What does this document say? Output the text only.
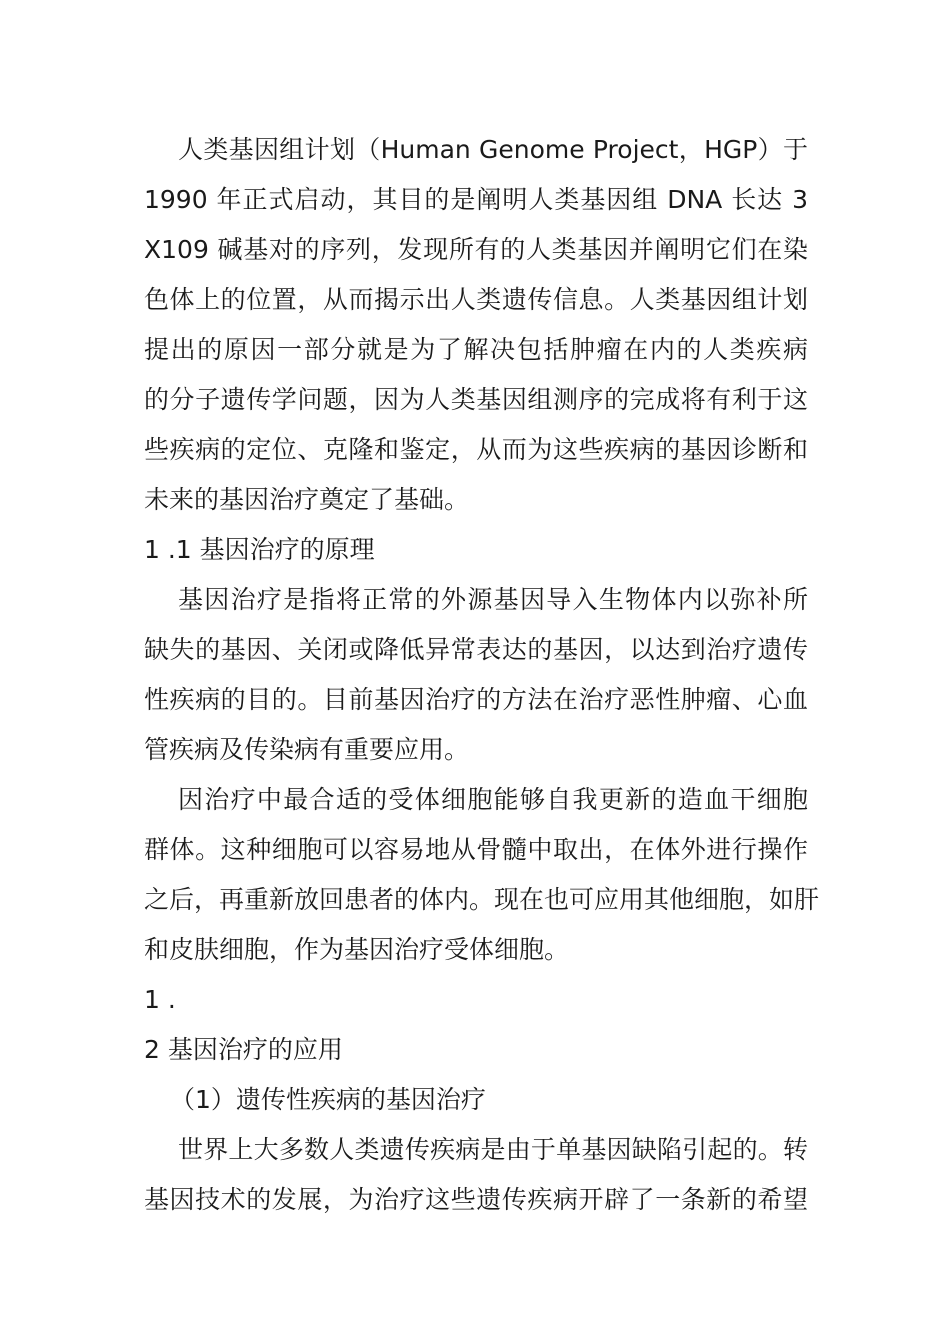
人类基因组计划（Human Genome Project，HGP）于
1990 年正式启动，其目的是阐明人类基因组 DNA 长达 3
X109 碱基对的序列，发现所有的人类基因并阐明它们在染
色体上的位置，从而揭示出人类遗传信息。人类基因组计划
提出的原因一部分就是为了解决包括肿瘤在内的人类疾病
的分子遗传学问题，因为人类基因组测序的完成将有利于这
些疾病的定位、克隆和鉴定，从而为这些疾病的基因诊断和
未来的基因治疗奠定了基础。

1 .1 基因治疗的原理

基因治疗是指将正常的外源基因导入生物体内以弥补所
缺失的基因、关闭或降低异常表达的基因，以达到治疗遗传
性疾病的目的。目前基因治疗的方法在治疗恶性肿瘤、心血
管疾病及传染病有重要应用。

因治疗中最合适的受体细胞能够自我更新的造血干细胞
群体。这种细胞可以容易地从骨髓中取出，在体外进行操作
之后，再重新放回患者的体内。现在也可应用其他细胞，如肝
和皮肤细胞，作为基因治疗受体细胞。

1 .

2 基因治疗的应用

（1）遗传性疾病的基因治疗

世界上大多数人类遗传疾病是由于单基因缺陷引起的。转
基因技术的发展，为治疗这些遗传疾病开辟了一条新的希望
